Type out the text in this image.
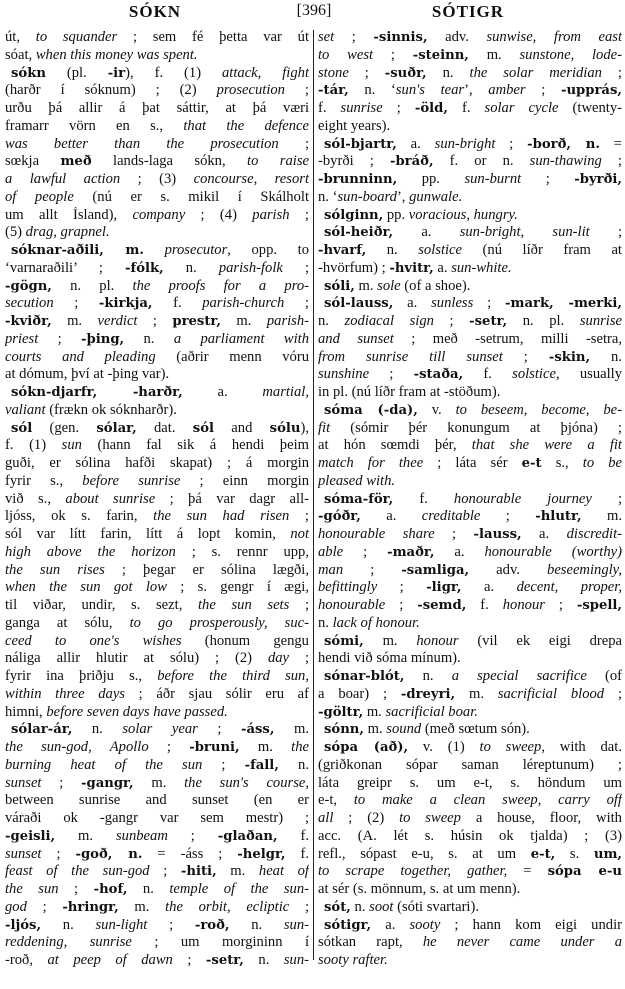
SÓKN	[396]	SÓTIGR
út, to squander ; sem fé þetta var út
sóat, when this money was spent.
sókn (pl. -ir), f. (1) attack, fight
(harðr í sóknum) ; (2) prosecution ;
urðu þá allir á þat sáttir, at þá væri
framarr vörn en s., that the defence
was better than the prosecution ;
sœkja með lands-laga sókn, to raise
a lawful action ; (3) concourse, resort
of people (nú er s. mikil í Skálholt
um allt Ísland), company ; (4) parish ;
(5) drag, grapnel.
sóknar-aðili, m. prosecutor, opp. to
‘varnaraðili’ ; -fólk, n. parish-folk ;
-gögn, n. pl. the proofs for a pro-
secution ; -kirkja, f. parish-church ;
-kviðr, m. verdict ; prestr, m. parish-
priest ; -þing, n. a parliament with
courts and pleading (aðrir menn vóru
at dómum, því at -þing var).
sókn-djarfr, -harðr, a. martial,
valiant (frækn ok sóknharðr).
sól (gen. sólar, dat. sól and sólu),
f. (1) sun (hann fal sik á hendi þeim
guði, er sólina hafði skapat) ; á morgin
fyrir s., before sunrise ; einn morgin
við s., about sunrise ; þá var dagr all-
ljóss, ok s. farin, the sun had risen ;
sól var lítt farin, lítt á lopt komin, not
high above the horizon ; s. rennr upp,
the sun rises ; þegar er sólina lægði,
when the sun got low ; s. gengr í ægi,
til viðar, undir, s. sezt, the sun sets ;
ganga at sólu, to go prosperously, suc-
ceed to one's wishes (honum gengu
náliga allir hlutir at sólu) ; (2) day ;
fyrir ina þriðju s., before the third sun,
within three days ; áðr sjau sólir eru af
himni, before seven days have passed.
sólar-ár, n. solar year ; -áss, m.
the sun-god, Apollo ; -bruni, m. the
burning heat of the sun ; -fall, n.
sunset ; -gangr, m. the sun's course,
between sunrise and sunset (en er
váraði ok -gangr var sem mestr) ;
-geisli, m. sunbeam ; -glaðan, f.
sunset ; -goð, n. = -áss ; -helgr, f.
feast of the sun-god ; -hiti, m. heat of
the sun ; -hof, n. temple of the sun-
god ; -hringr, m. the orbit, ecliptic ;
-ljós, n. sun-light ; -roð, n. sun-
reddening, sunrise ; um morgininn í
-roð, at peep of dawn ; -setr, n. sun-
set ; -sinnis, adv. sunwise, from east
to west ; -steinn, m. sunstone, lode-
stone ; -suðr, n. the solar meridian ;
-tár, n. ‘sun's tear’, amber ; -upprás,
f. sunrise ; -öld, f. solar cycle (twenty-
eight years).
sól-bjartr, a. sun-bright ; -borð, n. =
-byrði ; -bráð, f. or n. sun-thawing ;
-brunninn, pp. sun-burnt ; -byrði,
n. ‘sun-board’, gunwale.
sólginn, pp. voracious, hungry.
sól-heiðr, a. sun-bright, sun-lit ;
-hvarf, n. solstice (nú líðr fram at
-hvörfum) ; -hvitr, a. sun-white.
sóli, m. sole (of a shoe).
sól-lauss, a. sunless ; -mark, -merki,
n. zodiacal sign ; -setr, n. pl. sunrise
and sunset ; með -setrum, milli -setra,
from sunrise till sunset ; -skin, n.
sunshine ; -staða, f. solstice, usually
in pl. (nú líðr fram at -stöðum).
sóma (-da), v. to beseem, become, be-
fit (sómir þér konungum at þjóna) ;
at hón sœmdi þér, that she were a fit
match for thee ; láta sér e-t s., to be
pleased with.
sóma-för, f. honourable journey ;
-góðr, a. creditable ; -hlutr, m.
honourable share ; -lauss, a. discredit-
able ; -maðr, a. honourable (worthy)
man ; -samliga, adv. beseemingly,
befittingly ; -ligr, a. decent, proper,
honourable ; -semd, f. honour ; -spell,
n. lack of honour.
sómi, m. honour (vil ek eigi drepa
hendi við sóma mínum).
sónar-blót, n. a special sacrifice (of
a boar) ; -dreyri, m. sacrificial blood ;
-göltr, m. sacrificial boar.
sónn, m. sound (með sœtum són).
sópa (að), v. (1) to sweep, with dat.
(griðkonan sópar saman léreptunum) ;
láta greipr s. um e-t, s. höndum um
e-t, to make a clean sweep, carry off
all ; (2) to sweep a house, floor, with
acc. (A. lét s. húsin ok tjalda) ; (3)
refl., sópast e-u, s. at um e-t, s. um,
to scrape together, gather, = sópa e-u
at sér (s. mönnum, s. at um menn).
sót, n. soot (sóti svartari).
sótigr, a. sooty ; hann kom eigi undir
sótkan rapt, he never came under a
sooty rafter.
